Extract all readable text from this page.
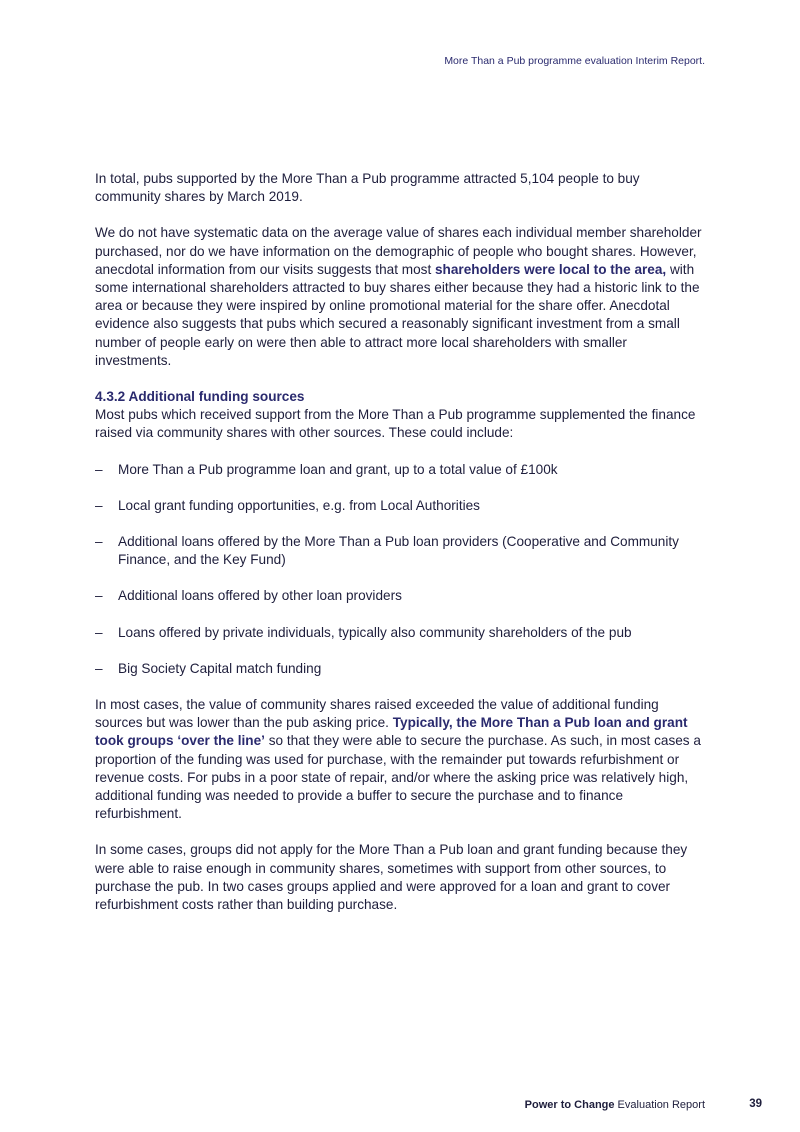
More Than a Pub programme evaluation Interim Report.

In total, pubs supported by the More Than a Pub programme attracted 5,104 people to buy community shares by March 2019.

We do not have systematic data on the average value of shares each individual member shareholder purchased, nor do we have information on the demographic of people who bought shares. However, anecdotal information from our visits suggests that most shareholders were local to the area, with some international shareholders attracted to buy shares either because they had a historic link to the area or because they were inspired by online promotional material for the share offer. Anecdotal evidence also suggests that pubs which secured a reasonably significant investment from a small number of people early on were then able to attract more local shareholders with smaller investments.

4.3.2 Additional funding sources
Most pubs which received support from the More Than a Pub programme supplemented the finance raised via community shares with other sources. These could include:

– More Than a Pub programme loan and grant, up to a total value of £100k
– Local grant funding opportunities, e.g. from Local Authorities
– Additional loans offered by the More Than a Pub loan providers (Cooperative and Community Finance, and the Key Fund)
– Additional loans offered by other loan providers
– Loans offered by private individuals, typically also community shareholders of the pub
– Big Society Capital match funding

In most cases, the value of community shares raised exceeded the value of additional funding sources but was lower than the pub asking price. Typically, the More Than a Pub loan and grant took groups ‘over the line’ so that they were able to secure the purchase. As such, in most cases a proportion of the funding was used for purchase, with the remainder put towards refurbishment or revenue costs. For pubs in a poor state of repair, and/or where the asking price was relatively high, additional funding was needed to provide a buffer to secure the purchase and to finance refurbishment.

In some cases, groups did not apply for the More Than a Pub loan and grant funding because they were able to raise enough in community shares, sometimes with support from other sources, to purchase the pub. In two cases groups applied and were approved for a loan and grant to cover refurbishment costs rather than building purchase.

Power to Change Evaluation Report	39
